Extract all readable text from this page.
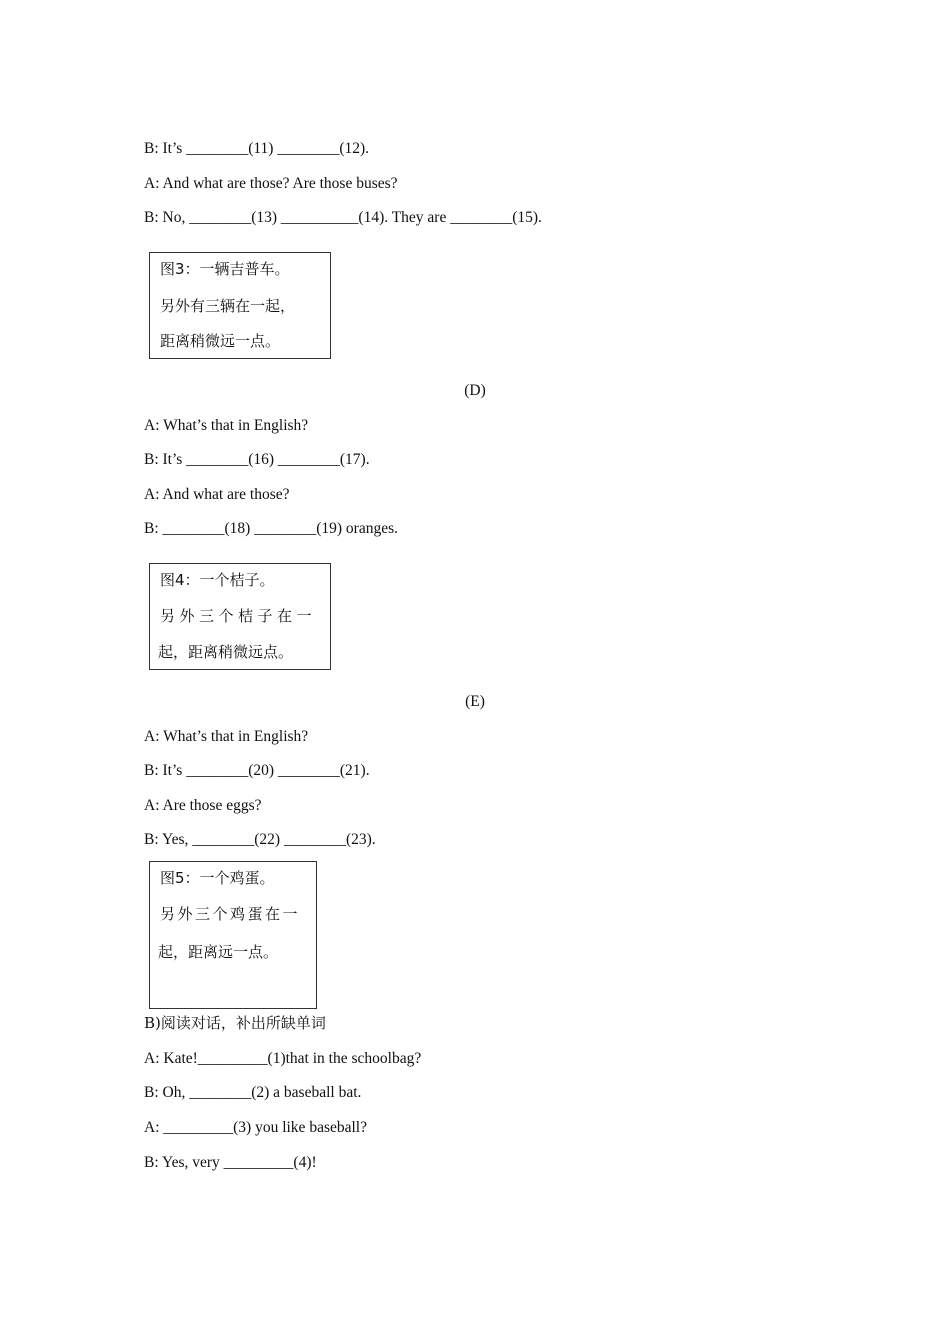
B: It’s ________(11) ________(12).
A: And what are those? Are those buses?
B: No, ________(13) __________(14). They are ________(15).
图3：一辆吉普车。
另外有三辆在一起，
距离稍微远一点。
(D)
A: What’s that in English?
B: It’s ________(16) ________(17).
A: And what are those?
B: ________(18) ________(19) oranges.
图4：一个桔子。
另外三个桔子在一
起，距离稍微远点。
(E)
A: What’s that in English?
B: It’s ________(20) ________(21).
A: Are those eggs?
B: Yes, ________(22) ________(23).
图5：一个鸡蛋。
另外三个鸡蛋在一
起，距离远一点。
B)阅读对话，补出所缺单词
A: Kate!_________(1)that in the schoolbag?
B: Oh, ________(2) a baseball bat.
A: _________(3) you like baseball?
B: Yes, very _________(4)!
